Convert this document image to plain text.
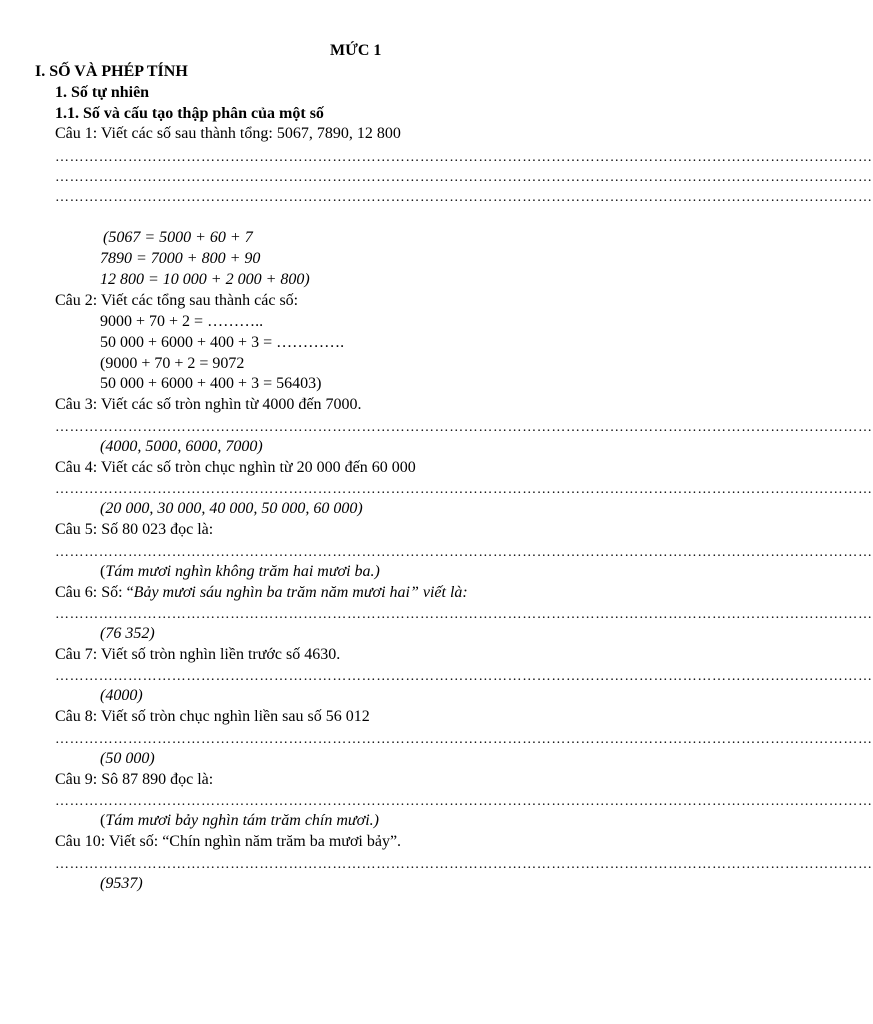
MỨC 1
I. SỐ VÀ PHÉP TÍNH
1. Số tự nhiên
1.1. Số và cấu tạo thập phân của một số
Câu 1: Viết các số sau thành tổng: 5067, 7890, 12 800
……………………………………………………………………………………………………………………………………………………
……………………………………………………………………………………………………………………………………………………
……………………………………………………………………………………………………………………………………………………
(5067 = 5000 + 60 + 7
7890 = 7000 + 800 + 90
12 800 = 10 000 + 2 000 + 800)
Câu 2: Viết các tổng sau thành các số:
9000 + 70 + 2 = ………..
50 000 + 6000 + 400 + 3 = ………….
(9000 + 70 + 2 = 9072
50 000 + 6000 + 400 + 3 = 56403)
Câu 3: Viết các số tròn nghìn từ 4000 đến 7000.
……………………………………………………………………………………………………………………………………………………
(4000, 5000, 6000, 7000)
Câu 4: Viết các số tròn chục nghìn từ 20 000 đến 60 000
……………………………………………………………………………………………………………………………………………………
(20 000, 30 000, 40 000, 50 000, 60 000)
Câu 5: Số 80 023 đọc là:
……………………………………………………………………………………………………………………………………………………
(Tám mươi nghìn không trăm hai mươi ba.)
Câu 6: Số: “Bảy mươi sáu nghìn ba trăm năm mươi hai” viết là:
……………………………………………………………………………………………………………………………………………………
(76 352)
Câu 7: Viết số tròn nghìn liền trước số 4630.
……………………………………………………………………………………………………………………………………………………
(4000)
Câu 8: Viết số tròn chục nghìn liền sau số 56 012
……………………………………………………………………………………………………………………………………………………
(50 000)
Câu 9: Sô 87 890 đọc là:
……………………………………………………………………………………………………………………………………………………
(Tám mươi bảy nghìn tám trăm chín mươi.)
Câu 10: Viết số: “Chín nghìn năm trăm ba mươi bảy”.
……………………………………………………………………………………………………………………………………………………
(9537)
